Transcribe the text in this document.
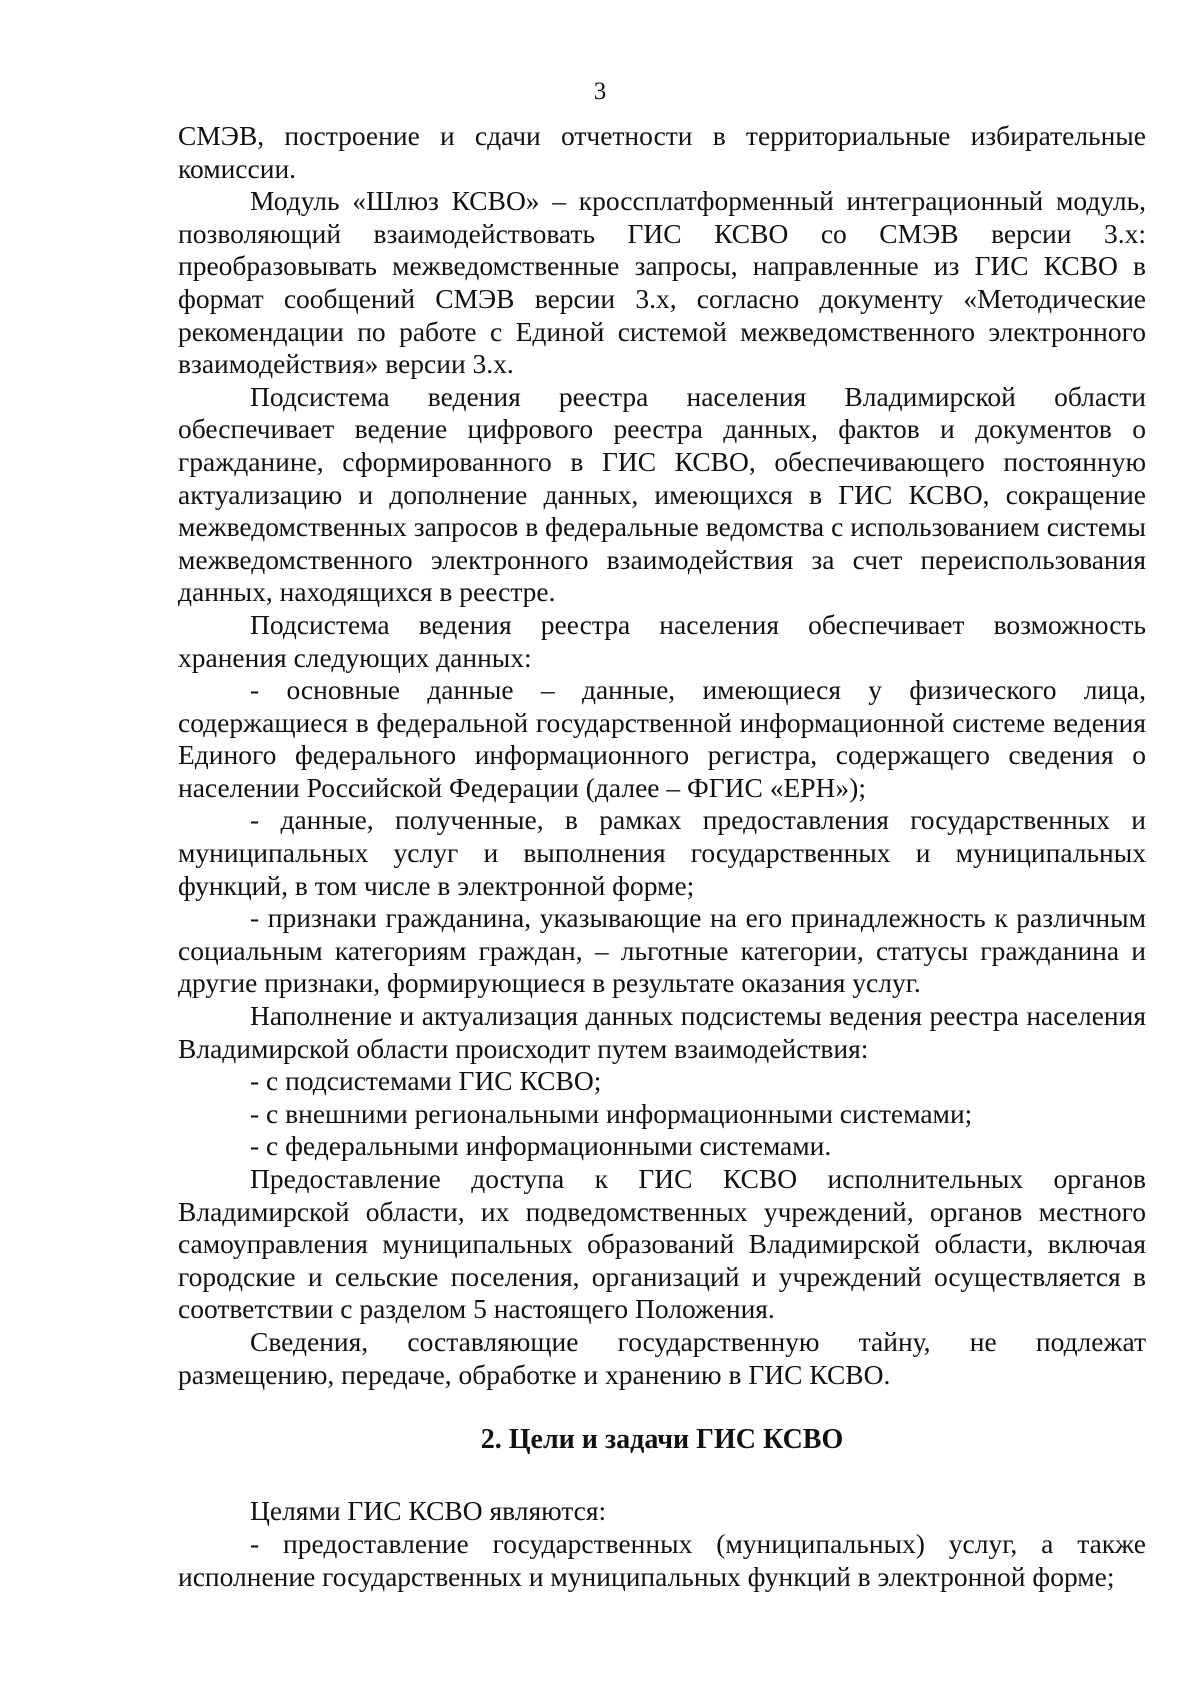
3

СМЭВ, построение и сдачи отчетности в территориальные избирательные комиссии.

Модуль «Шлюз КСВО» – кроссплатформенный интеграционный модуль, позволяющий взаимодействовать ГИС КСВО со СМЭВ версии 3.х: преобразовывать межведомственные запросы, направленные из ГИС КСВО в формат сообщений СМЭВ версии 3.х, согласно документу «Методические рекомендации по работе с Единой системой межведомственного электронного взаимодействия» версии 3.х.

Подсистема ведения реестра населения Владимирской области обеспечивает ведение цифрового реестра данных, фактов и документов о гражданине, сформированного в ГИС КСВО, обеспечивающего постоянную актуализацию и дополнение данных, имеющихся в ГИС КСВО, сокращение межведомственных запросов в федеральные ведомства с использованием системы межведомственного электронного взаимодействия за счет переиспользования данных, находящихся в реестре.

Подсистема ведения реестра населения обеспечивает возможность хранения следующих данных:

- основные данные – данные, имеющиеся у физического лица, содержащиеся в федеральной государственной информационной системе ведения Единого федерального информационного регистра, содержащего сведения о населении Российской Федерации (далее – ФГИС «ЕРН»);

- данные, полученные, в рамках предоставления государственных и муниципальных услуг и выполнения государственных и муниципальных функций, в том числе в электронной форме;

- признаки гражданина, указывающие на его принадлежность к различным социальным категориям граждан, – льготные категории, статусы гражданина и другие признаки, формирующиеся в результате оказания услуг.

Наполнение и актуализация данных подсистемы ведения реестра населения Владимирской области происходит путем взаимодействия:

- с подсистемами ГИС КСВО;

- с внешними региональными информационными системами;

- с федеральными информационными системами.

Предоставление доступа к ГИС КСВО исполнительных органов Владимирской области, их подведомственных учреждений, органов местного самоуправления муниципальных образований Владимирской области, включая городские и сельские поселения, организаций и учреждений осуществляется в соответствии с разделом 5 настоящего Положения.

Сведения, составляющие государственную тайну, не подлежат размещению, передаче, обработке и хранению в ГИС КСВО.

2. Цели и задачи ГИС КСВО

Целями ГИС КСВО являются:

- предоставление государственных (муниципальных) услуг, а также исполнение государственных и муниципальных функций в электронной форме;
